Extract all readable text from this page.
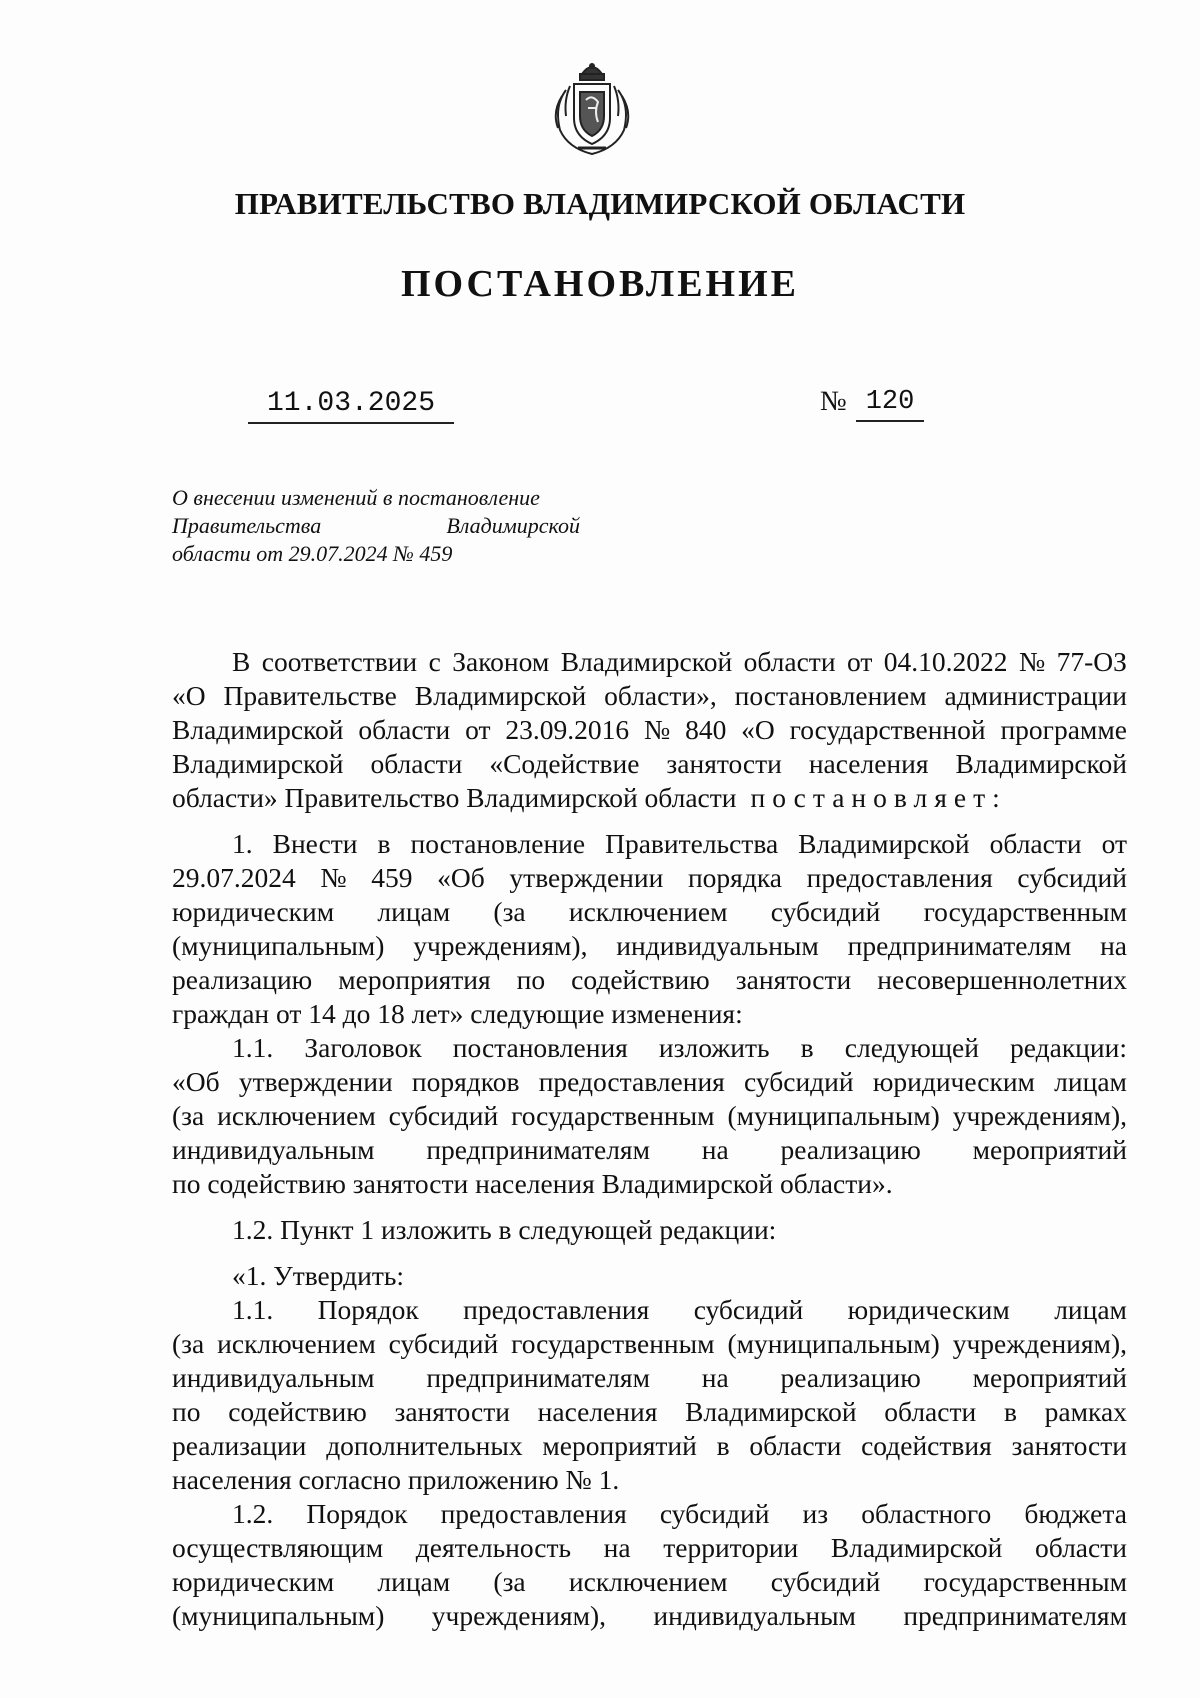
ПРАВИТЕЛЬСТВО ВЛАДИМИРСКОЙ ОБЛАСТИ
ПОСТАНОВЛЕНИЕ
11.03.2025	№ 120
О внесении изменений в постановление
Правительства	Владимирской
области от 29.07.2024 № 459
В соответствии с Законом Владимирской области от 04.10.2022 № 77-ОЗ
«О Правительстве Владимирской области», постановлением администрации
Владимирской области от 23.09.2016 № 840 «О государственной программе
Владимирской области «Содействие занятости населения Владимирской
области» Правительство Владимирской области постановляет:
1. Внести в постановление Правительства Владимирской области от
29.07.2024 № 459 «Об утверждении порядка предоставления субсидий
юридическим лицам (за исключением субсидий государственным
(муниципальным) учреждениям), индивидуальным предпринимателям на
реализацию мероприятия по содействию занятости несовершеннолетних
граждан от 14 до 18 лет» следующие изменения:
1.1. Заголовок постановления изложить в следующей редакции:
«Об утверждении порядков предоставления субсидий юридическим лицам
(за исключением субсидий государственным (муниципальным) учреждениям),
индивидуальным предпринимателям на реализацию мероприятий
по содействию занятости населения Владимирской области».
1.2. Пункт 1 изложить в следующей редакции:
«1. Утвердить:
1.1. Порядок предоставления субсидий юридическим лицам
(за исключением субсидий государственным (муниципальным) учреждениям),
индивидуальным предпринимателям на реализацию мероприятий
по содействию занятости населения Владимирской области в рамках
реализации дополнительных мероприятий в области содействия занятости
населения согласно приложению № 1.
1.2. Порядок предоставления субсидий из областного бюджета
осуществляющим деятельность на территории Владимирской области
юридическим лицам (за исключением субсидий государственным
(муниципальным) учреждениям), индивидуальным предпринимателям
